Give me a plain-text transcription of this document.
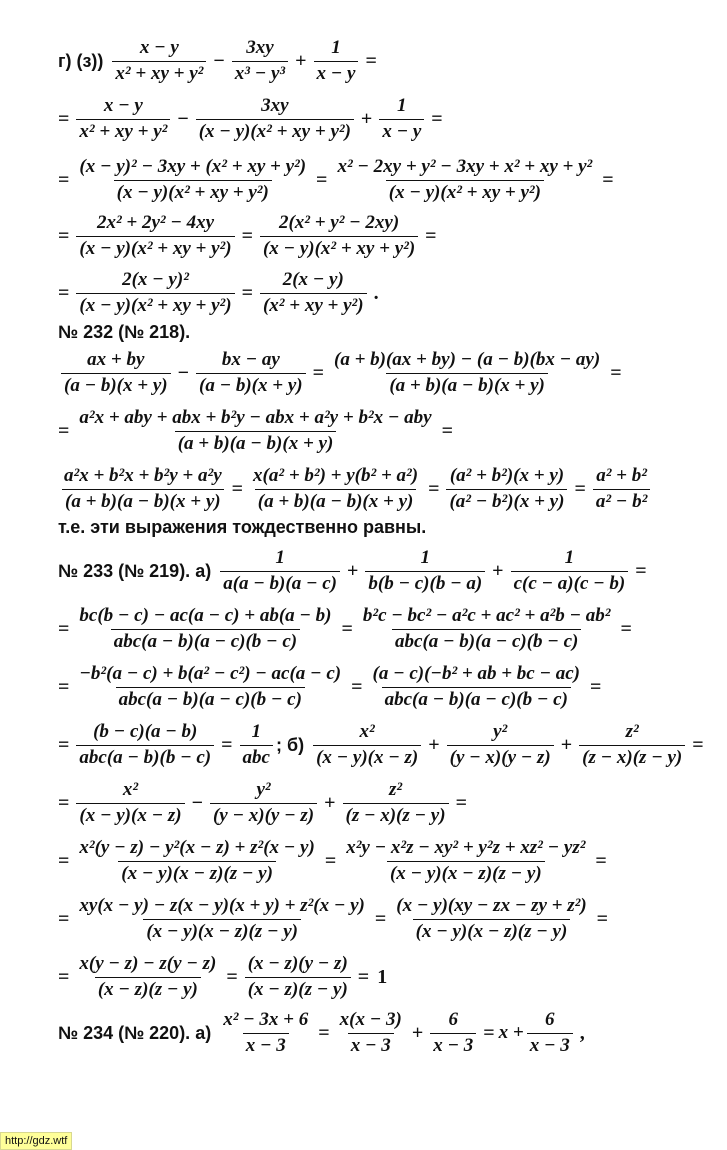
г) $(з)) \frac{x - y}{\text{x² + xy + y²}} - \frac{3xy}{\text{x³ − y³}} + \frac{1}{x - y}$ =
= $\frac{x - y}{\text{x² + xy + y²}} - \frac{3xy}{\text{(x − y)(x² + xy + y²)}} + \frac{1}{x - y}$ =
= $\frac{\text{(x − y)² − 3xy + (x² + xy + y²)}}{\text{(x − y)(x² + xy + y²)}} = \frac{\text{x² − 2xy + y² − 3xy + x² + xy + y²}}{\text{(x − y)(x² + xy + y²)}}$ =
= $\frac{\text{2x² + 2y² − 4xy}}{\text{(x − y)(x² + xy + y²)}} = \frac{\text{2(x² + y² − 2xy)}}{\text{(x − y)(x² + xy + y²)}}$ =
= $\frac{\text{2(x − y)²}}{\text{(x − y)(x² + xy + y²)}} = \frac{2(x - y)}{\text{(x² + xy + y²)}}$ .
№ 232 (№ 218).
$\frac{ax + by}{(a - b)(x + y)} - \frac{bx - ay}{(a - b)(x + y)} = \frac{(a + b)(ax + by) - (a - b)(bx - ay)}{(a + b)(a - b)(x + y)}$ =
= $\frac{\text{a²x + aby + abx + b²y − abx + a²y + b²x − aby}}{(a + b)(a - b)(x + y)}$ =
$\frac{\text{a²x + b²x + b²y + a²y}}{(a + b)(a - b)(x + y)} = \frac{\text{x(a² + b²) + y(b² + a²)}}{(a + b)(a - b)(x + y)} = \frac{\text{(a² + b²)(x + y)}}{\text{(a² − b²)(x + y)}} = \frac{\text{a² + b²}}{\text{a² − b²}}$
т.е. эти выражения тождественно равны.
№ 233 (№ 219). $а) \frac{1}{a(a - b)(a - c)} + \frac{1}{b(b - c)(b - a)} + \frac{1}{c(c - a)(c - b)}$ =
= $\frac{bc(b - c) - ac(a - c) + ab(a - b)}{\text{abc(a − b)(a − c)(b − c)}} = \frac{\text{b²c − bc² − a²c + ac² + a²b − ab²}}{\text{abc(a − b)(a − c)(b − c)}}$ =
= $\frac{\text{−b²(a − c) + b(a² − c²) − ac(a − c)}}{\text{abc(a − b)(a − c)(b − c)}} = \frac{\text{(a − c)(−b² + ab + bc − ac)}}{\text{abc(a − b)(a − c)(b − c)}}$ =
= $\frac{(b - c)(a - b)}{\text{abc(a − b)(b − c)}} = \frac{1}{\text{abc}}$ ; $б) \frac{\text{x²}}{(x - y)(x - z)} + \frac{\text{y²}}{(y - x)(y - z)} + \frac{\text{z²}}{(z - x)(z - y)}$ =
= $\frac{\text{x²}}{(x - y)(x - z)} - \frac{\text{y²}}{(y - x)(y - z)} + \frac{\text{z²}}{(z - x)(z - y)}$ =
= $\frac{\text{x²(y − z) − y²(x − z) + z²(x − y)}}{(x - y)(x - z)(z - y)} = \frac{\text{x²y − x²z − xy² + y²z + xz² − yz²}}{(x - y)(x - z)(z - y)}$ =
= $\frac{\text{xy(x − y) − z(x − y)(x + y) + z²(x − y)}}{(x - y)(x - z)(z - y)} = \frac{\text{(x − y)(xy − zx − zy + z²)}}{(x - y)(x - z)(z - y)}$ =
= $\frac{x(y - z) - z(y - z)}{(x - z)(z - y)} = \frac{(x - z)(y - z)}{(x - z)(z - y)} = 1$
№ 234 (№ 220). $а) \frac{\text{x² − 3x + 6}}{x - 3} = \frac{x(x - 3)}{x - 3} + \frac{6}{x - 3} = x + \frac{6}{x - 3}$ ,
http://gdz.wtf
